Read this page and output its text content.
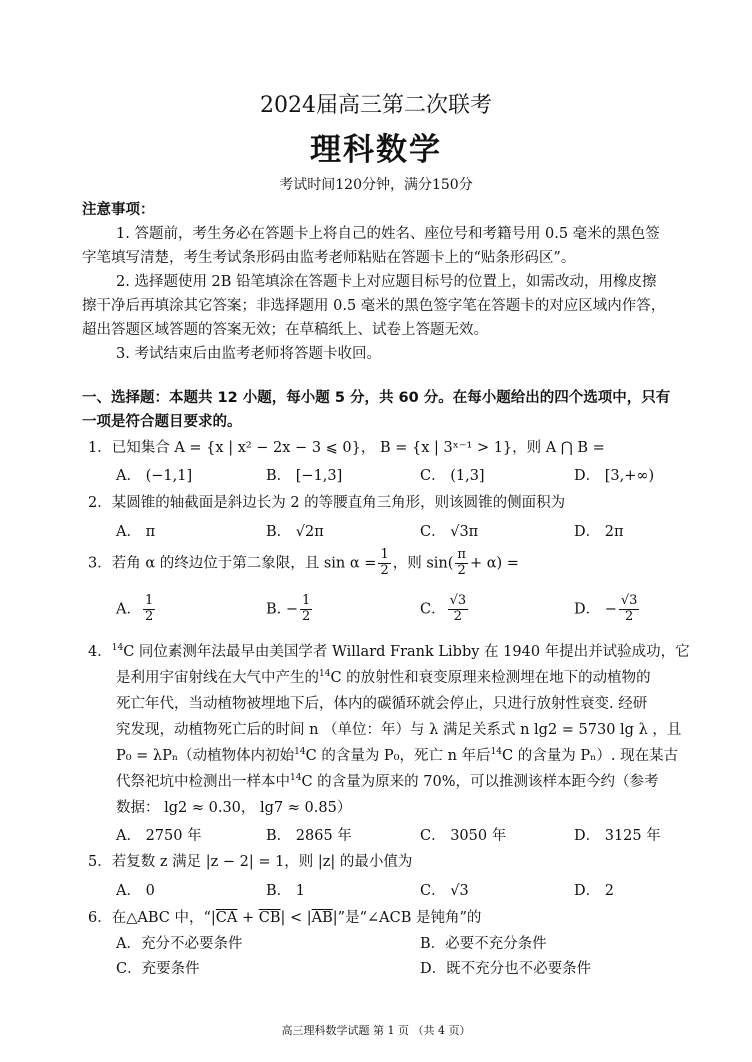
2024届高三第二次联考
理科数学
考试时间120分钟，满分150分
注意事项：
1. 答题前，考生务必在答题卡上将自己的姓名、座位号和考籍号用 0.5 毫米的黑色签
字笔填写清楚，考生考试条形码由监考老师粘贴在答题卡上的“贴条形码区”。
2. 选择题使用 2B 铅笔填涂在答题卡上对应题目标号的位置上，如需改动，用橡皮擦
擦干净后再填涂其它答案；非选择题用 0.5 毫米的黑色签字笔在答题卡的对应区域内作答，
超出答题区域答题的答案无效；在草稿纸上、试卷上答题无效。
3. 考试结束后由监考老师将答题卡收回。
一、选择题：本题共 12 小题，每小题 5 分，共 60 分。在每小题给出的四个选项中，只有
一项是符合题目要求的。
1．已知集合 A = {x | x² − 2x − 3 ⩽ 0}， B = {x | 3ˣ⁻¹ > 1}，则 A ⋂ B =
A． (−1,1]	B． [−1,3]	C． (1,3]	D． [3,+∞)
2．某圆锥的轴截面是斜边长为 2 的等腰直角三角形，则该圆锥的侧面积为
A． π	B． √2π	C． √3π	D． 2π
3．若角 α 的终边位于第二象限，且 $\sin \alpha = \frac{1}{2}$ ，则 $\sin( \frac{\pi}{2} + \alpha)$ =
A． $\frac{1}{2}$	B. − $\frac{1}{2}$	C． $\frac{√3}{2}$	D． − $\frac{√3}{2}$
4．$^{14}$C 同位素测年法最早由美国学者 Willard Frank Libby 在 1940 年提出并试验成功，它
是利用宇宙射线在大气中产生的$^{14}$C 的放射性和衰变原理来检测埋在地下的动植物的
死亡年代，当动植物被埋地下后，体内的碳循环就会停止，只进行放射性衰变. 经研
究发现，动植物死亡后的时间 n （单位：年）与 λ 满足关系式 n lg2 = 5730 lg λ ，且
P₀ = λPₙ（动植物体内初始$^{14}$C 的含量为 P₀，死亡 n 年后$^{14}$C 的含量为 Pₙ）. 现在某古
代祭祀坑中检测出一样本中$^{14}$C 的含量为原来的 70%，可以推测该样本距今约（参考
数据： lg2 ≈ 0.30， lg7 ≈ 0.85）
A． 2750 年	B． 2865 年	C． 3050 年	D． 3125 年
5．若复数 z 满足 |z − 2| = 1，则 |z| 的最小值为
A． 0	B． 1	C． √3	D． 2
6．在△ABC 中，“$|\overline{CA} + \overline{CB}| < |\overline{AB}|$”是“∠ACB 是钝角”的
A．充分不必要条件	B．必要不充分条件
C．充要条件	D．既不充分也不必要条件
高三理科数学试题 第 1 页 （共 4 页）
